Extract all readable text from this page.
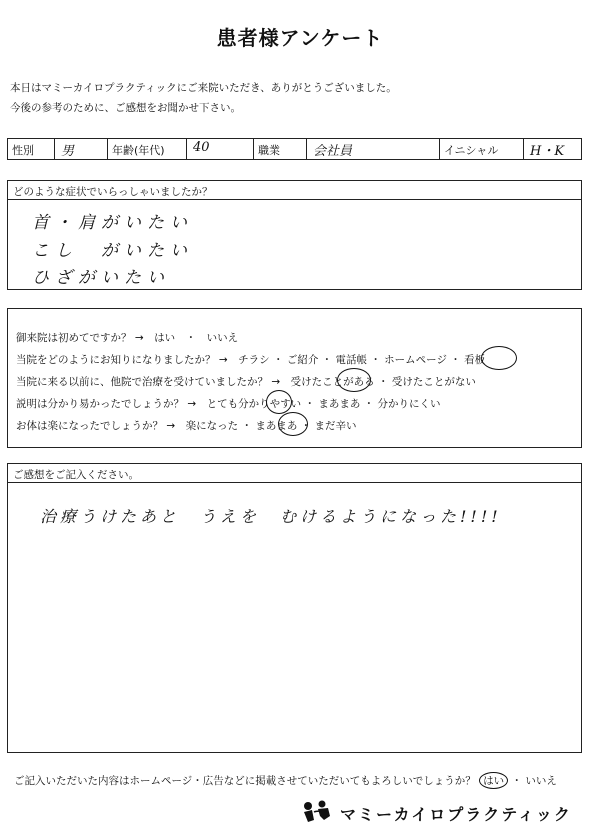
患者様アンケート
本日はマミーカイロプラクティックにご来院いただき、ありがとうございました。
今後の参考のために、ご感想をお聞かせ下さい。
性別	男	年齢(年代)	40	職業	会社員	イニシャル	H・K
どのような症状でいらっしゃいましたか？
首・肩がいたい
こし　がいたい
ひざがいたい
御来院は初めてですか？ →　はい　・　いいえ
当院をどのようにお知りになりましたか？ →　チラシ ・ ご紹介 ・ 電話帳 ・ ホームページ ・ 看板
当院に来る以前に、他院で治療を受けていましたか？ →　受けたことがある ・ 受けたことがない
説明は分かり易かったでしょうか？ →　とても分かりやすい ・ まあまあ ・ 分かりにくい
お体は楽になったでしょうか？ →　楽になった ・ まあまあ ・ まだ辛い
ご感想をご記入ください。
治療うけたあと　うえを　むけるようになった!!!!
ご記入いただいた内容はホームページ・広告などに掲載させていただいてもよろしいでしょうか？ はい ・ いいえ
マミーカイロプラクティック
